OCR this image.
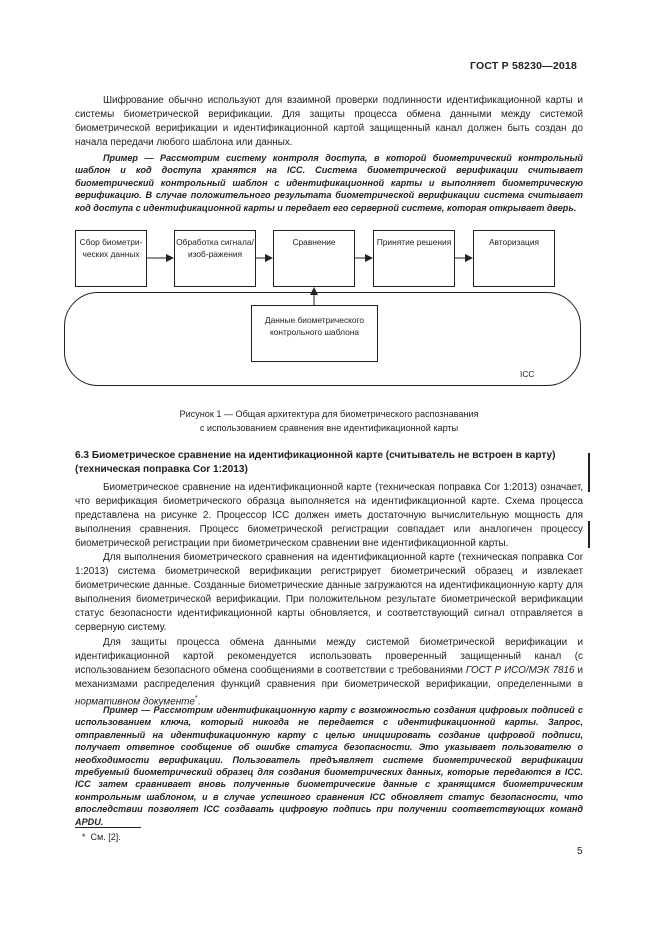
ГОСТ Р 58230—2018
Шифрование обычно используют для взаимной проверки подлинности идентификационной карты и системы биометрической верификации. Для защиты процесса обмена данными между системой биометрической верификации и идентификационной картой защищенный канал должен быть создан до начала передачи любого шаблона или данных.
Пример — Рассмотрим систему контроля доступа, в которой биометрический контрольный шаблон и код доступа хранятся на ICC. Система биометрической верификации считывает биометрический контрольный шаблон с идентификационной карты и выполняет биометрическую верификацию. В случае положительного результата биометрической верификации система считывает код доступа с идентификационной карты и передает его серверной системе, которая открывает дверь.
ICC
Сбор биометри-ческих данных
Обработка сигнала/изоб-ражения
Сравнение	Принятие решения	Авторизация
Данные биометрического контрольного шаблона
Рисунок 1 — Общая архитектура для биометрического распознавания
с использованием сравнения вне идентификационной карты
6.3 Биометрическое сравнение на идентификационной карте (считыватель не встроен в карту) (техническая поправка Cor 1:2013)
Биометрическое сравнение на идентификационной карте (техническая поправка Cor 1:2013) означает, что верификация биометрического образца выполняется на идентификационной карте. Схема процесса представлена на рисунке 2. Процессор ICC должен иметь достаточную вычислительную мощность для выполнения сравнения. Процесс биометрической регистрации совпадает или аналогичен процессу биометрической регистрации при биометрическом сравнении вне идентификационной карты.
Для выполнения биометрического сравнения на идентификационной карте (техническая поправка Cor 1:2013) система биометрической верификации регистрирует биометрический образец и извлекает биометрические данные. Созданные биометрические данные загружаются на идентификационную карту для выполнения биометрической верификации. При положительном результате биометрической верификации статус безопасности идентификационной карты обновляется, и соответствующий сигнал отправляется в серверную систему.
Для защиты процесса обмена данными между системой биометрической верификации и идентификационной картой рекомендуется использовать проверенный защищенный канал (с использованием безопасного обмена сообщениями в соответствии с требованиями ГОСТ Р ИСО/МЭК 7816 и механизмами распределения функций сравнения при биометрической верификации, определенными в нормативном документе*.
Пример — Рассмотрим идентификационную карту с возможностью создания цифровых подписей с использованием ключа, который никогда не передается с идентификационной карты. Запрос, отправленный на идентификационную карту с целью инициировать создание цифровой подписи, получает ответное сообщение об ошибке статуса безопасности. Это указывает пользователю о необходимости верификации. Пользователь предъявляет системе биометрической верификации требуемый биометрический образец для создания биометрических данных, которые передаются в ICC. ICC затем сравнивает вновь полученные биометрические данные с хранящимся биометрическим контрольным шаблоном, и в случае успешного сравнения ICC обновляет статус безопасности, что впоследствии позволяет ICC создавать цифровую подпись при получении соответствующих команд APDU.
* См. [2].
5
